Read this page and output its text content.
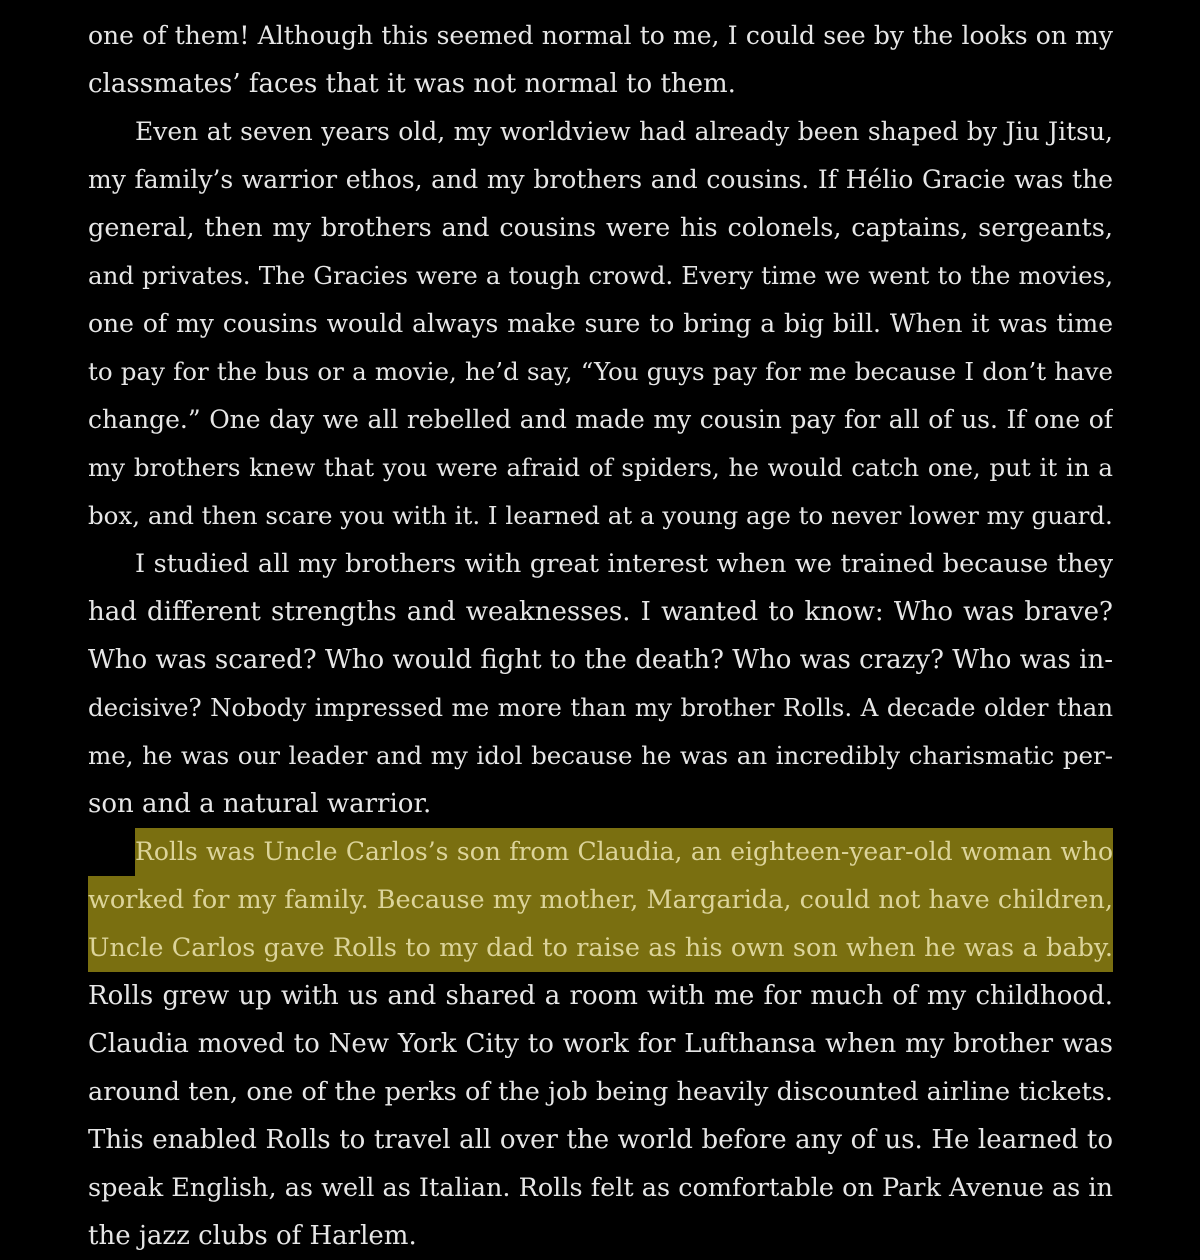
one of them! Although this seemed normal to me, I could see by the looks on my
classmates’ faces that it was not normal to them.
Even at seven years old, my worldview had already been shaped by Jiu Jitsu,
my family’s warrior ethos, and my brothers and cousins. If Hélio Gracie was the
general, then my brothers and cousins were his colonels, captains, sergeants,
and privates. The Gracies were a tough crowd. Every time we went to the movies,
one of my cousins would always make sure to bring a big bill. When it was time
to pay for the bus or a movie, he’d say, “You guys pay for me because I don’t have
change.” One day we all rebelled and made my cousin pay for all of us. If one of
my brothers knew that you were afraid of spiders, he would catch one, put it in a
box, and then scare you with it. I learned at a young age to never lower my guard.
I studied all my brothers with great interest when we trained because they
had different strengths and weaknesses. I wanted to know: Who was brave?
Who was scared? Who would fight to the death? Who was crazy? Who was in-
decisive? Nobody impressed me more than my brother Rolls. A decade older than
me, he was our leader and my idol because he was an incredibly charismatic per-
son and a natural warrior.
Rolls was Uncle Carlos’s son from Claudia, an eighteen-year-old woman who
worked for my family. Because my mother, Margarida, could not have children,
Uncle Carlos gave Rolls to my dad to raise as his own son when he was a baby.
Rolls grew up with us and shared a room with me for much of my childhood.
Claudia moved to New York City to work for Lufthansa when my brother was
around ten, one of the perks of the job being heavily discounted airline tickets.
This enabled Rolls to travel all over the world before any of us. He learned to
speak English, as well as Italian. Rolls felt as comfortable on Park Avenue as in
the jazz clubs of Harlem.
